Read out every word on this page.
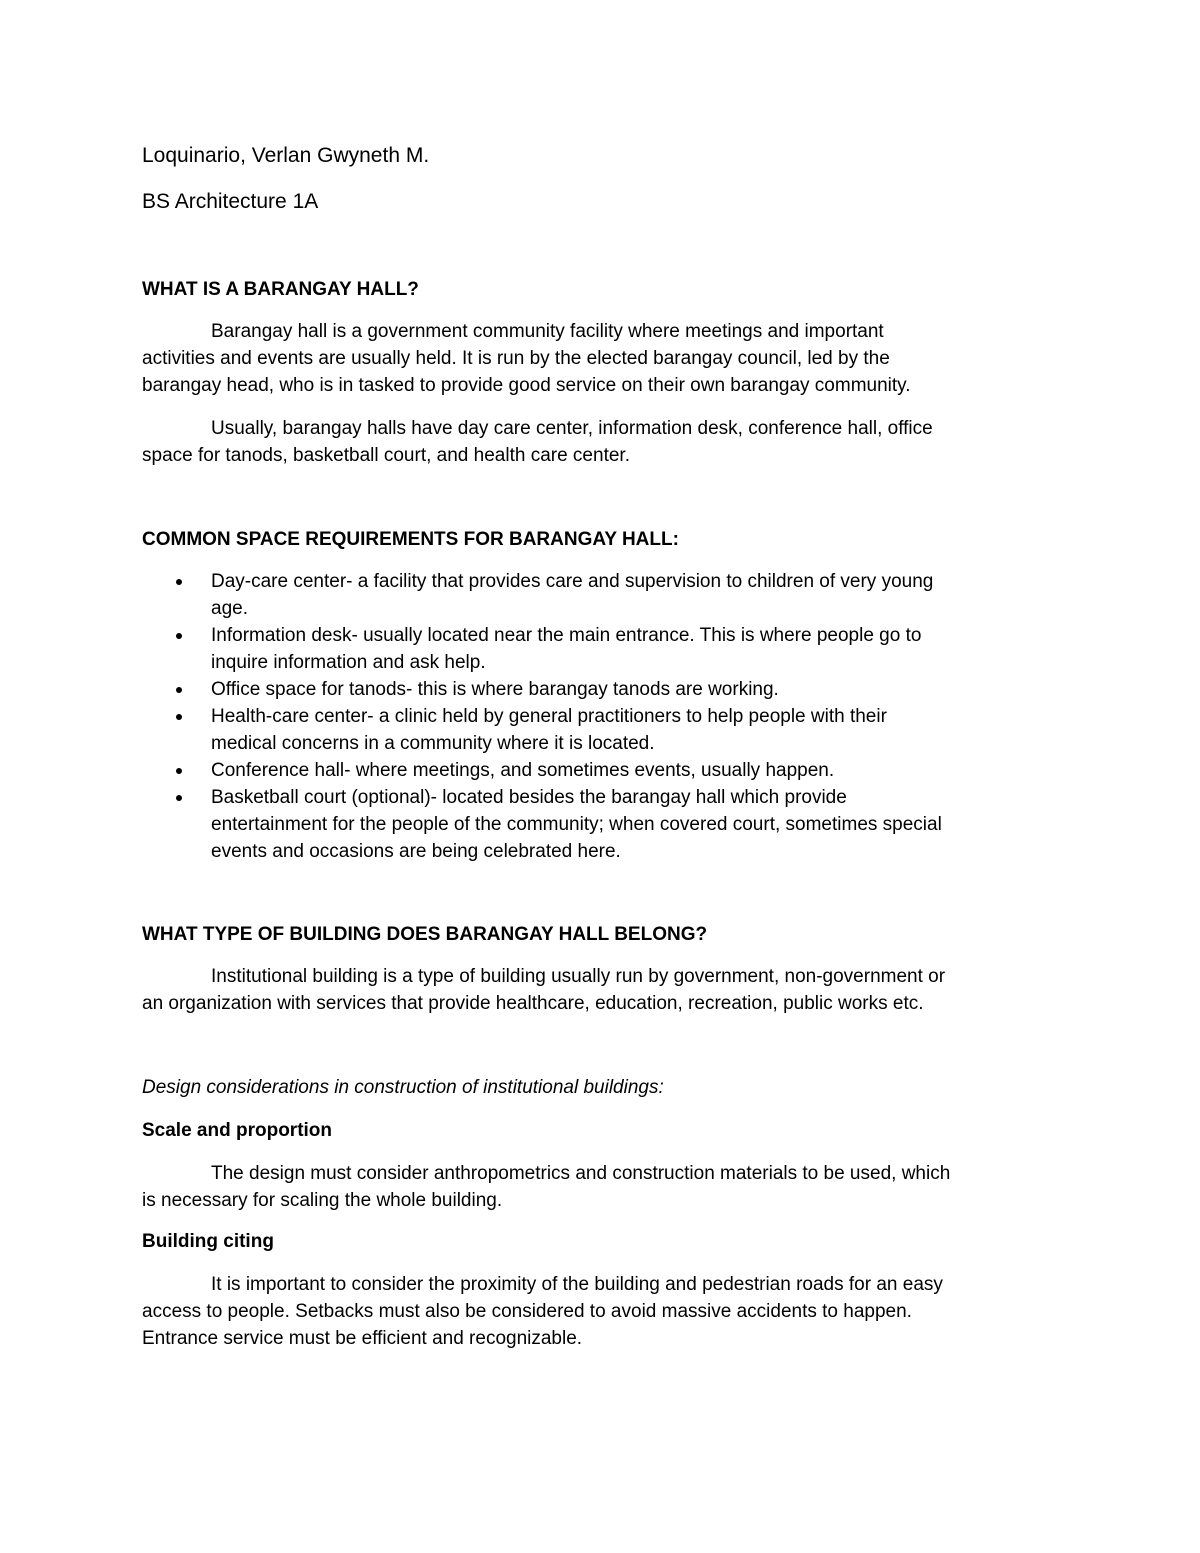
Loquinario, Verlan Gwyneth M.
BS Architecture 1A
WHAT IS A BARANGAY HALL?
Barangay hall is a government community facility where meetings and important
activities and events are usually held. It is run by the elected barangay council, led by the
barangay head, who is in tasked to provide good service on their own barangay community.
Usually, barangay halls have day care center, information desk, conference hall, office
space for tanods, basketball court, and health care center.
COMMON SPACE REQUIREMENTS FOR BARANGAY HALL:
Day-care center- a facility that provides care and supervision to children of very young
age.
Information desk- usually located near the main entrance. This is where people go to
inquire information and ask help.
Office space for tanods- this is where barangay tanods are working.
Health-care center- a clinic held by general practitioners to help people with their
medical concerns in a community where it is located.
Conference hall- where meetings, and sometimes events, usually happen.
Basketball court (optional)- located besides the barangay hall which provide
entertainment for the people of the community; when covered court, sometimes special
events and occasions are being celebrated here.
WHAT TYPE OF BUILDING DOES BARANGAY HALL BELONG?
Institutional building is a type of building usually run by government, non-government or
an organization with services that provide healthcare, education, recreation, public works etc.
Design considerations in construction of institutional buildings:
Scale and proportion
The design must consider anthropometrics and construction materials to be used, which
is necessary for scaling the whole building.
Building citing
It is important to consider the proximity of the building and pedestrian roads for an easy
access to people. Setbacks must also be considered to avoid massive accidents to happen.
Entrance service must be efficient and recognizable.
